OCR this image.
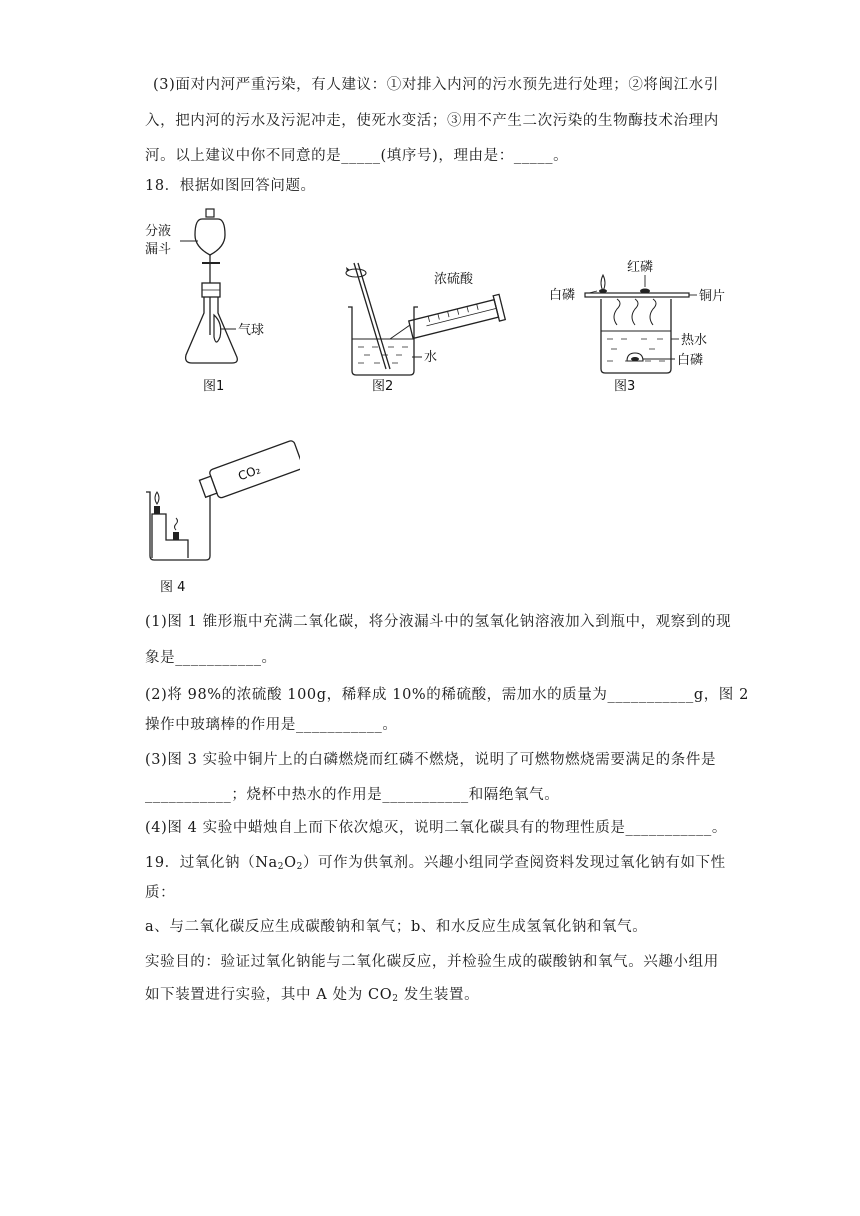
(3)面对内河严重污染，有人建议：①对排入内河的污水预先进行处理；②将闽江水引
入，把内河的污水及污泥冲走，使死水变活；③用不产生二次污染的生物酶技术治理内
河。以上建议中你不同意的是_____(填序号)，理由是：_____。
18．根据如图回答问题。
分液
漏斗
气球
图1
浓硫酸
水
图2
红磷
白磷	铜片
热水
白磷
图3
CO₂
图 4
(1)图 1 锥形瓶中充满二氧化碳，将分液漏斗中的氢氧化钠溶液加入到瓶中，观察到的现
象是___________。
(2)将 98%的浓硫酸 100g，稀释成 10%的稀硫酸，需加水的质量为___________g，图 2
操作中玻璃棒的作用是___________。
(3)图 3 实验中铜片上的白磷燃烧而红磷不燃烧，说明了可燃物燃烧需要满足的条件是
___________；烧杯中热水的作用是___________和隔绝氧气。
(4)图 4 实验中蜡烛自上而下依次熄灭，说明二氧化碳具有的物理性质是___________。
19．过氧化钠$(Na_2O_2)$可作为供氧剂。兴趣小组同学查阅资料发现过氧化钠有如下性
质：
a、与二氧化碳反应生成碳酸钠和氧气；b、和水反应生成氢氧化钠和氧气。
实验目的：验证过氧化钠能与二氧化碳反应，并检验生成的碳酸钠和氧气。兴趣小组用
如下装置进行实验，其中 A 处为 $CO_2$ 发生装置。
